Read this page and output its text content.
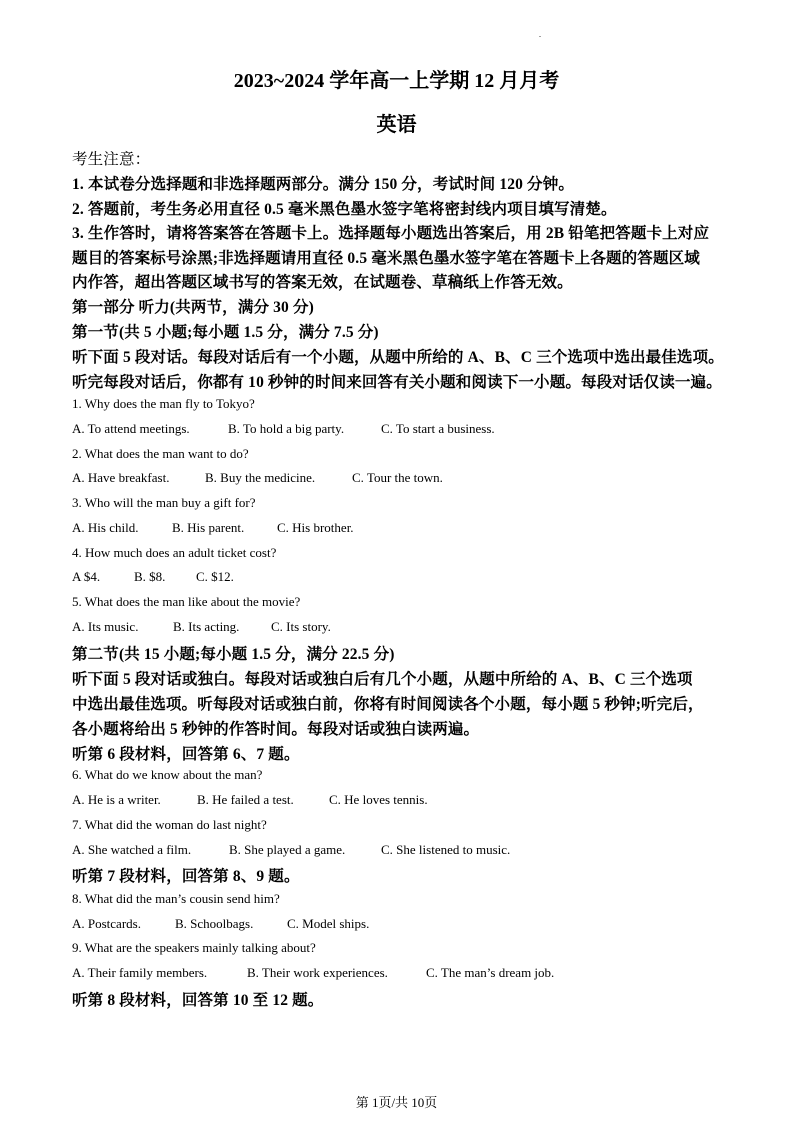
.
2023~2024 学年高一上学期 12 月月考
英语
考生注意：
1. 本试卷分选择题和非选择题两部分。满分 150 分，考试时间 120 分钟。
2. 答题前，考生务必用直径 0.5 毫米黑色墨水签字笔将密封线内项目填写清楚。
3. 生作答时，请将答案答在答题卡上。选择题每小题选出答案后，用 2B 铅笔把答题卡上对应
题目的答案标号涂黑;非选择题请用直径 0.5 毫米黑色墨水签字笔在答题卡上各题的答题区域
内作答，超出答题区域书写的答案无效，在试题卷、草稿纸上作答无效。
第一部分 听力(共两节，满分 30 分)
第一节(共 5 小题;每小题 1.5 分，满分 7.5 分)
听下面 5 段对话。每段对话后有一个小题，从题中所给的 A、B、C 三个选项中选出最佳选项。
听完每段对话后，你都有 10 秒钟的时间来回答有关小题和阅读下一小题。每段对话仅读一遍。
1. Why does the man fly to Tokyo?
A. To attend meetings.	B. To hold a big party.	C. To start a business.
2. What does the man want to do?
A. Have breakfast.	B. Buy the medicine.	C. Tour the town.
3. Who will the man buy a gift for?
A. His child.	B. His parent.	C. His brother.
4. How much does an adult ticket cost?
A $4.	B. $8. C. $12.
5. What does the man like about the movie?
A. Its music.	B. Its acting. C. Its story.
第二节(共 15 小题;每小题 1.5 分，满分 22.5 分)
听下面 5 段对话或独白。每段对话或独白后有几个小题，从题中所给的 A、B、C 三个选项
中选出最佳选项。听每段对话或独白前，你将有时间阅读各个小题，每小题 5 秒钟;听完后，
各小题将给出 5 秒钟的作答时间。每段对话或独白读两遍。
听第 6 段材料，回答第 6、7 题。
6. What do we know about the man?
A. He is a writer.	B. He failed a test.	C. He loves tennis.
7. What did the woman do last night?
A. She watched a film.	B. She played a game.	C. She listened to music.
听第 7 段材料，回答第 8、9 题。
8. What did the man’s cousin send him?
A. Postcards.	B. Schoolbags.	C. Model ships.
9. What are the speakers mainly talking about?
A. Their family members.	B. Their work experiences.	C. The man’s dream job.
听第 8 段材料，回答第 10 至 12 题。
第 1页/共 10页
